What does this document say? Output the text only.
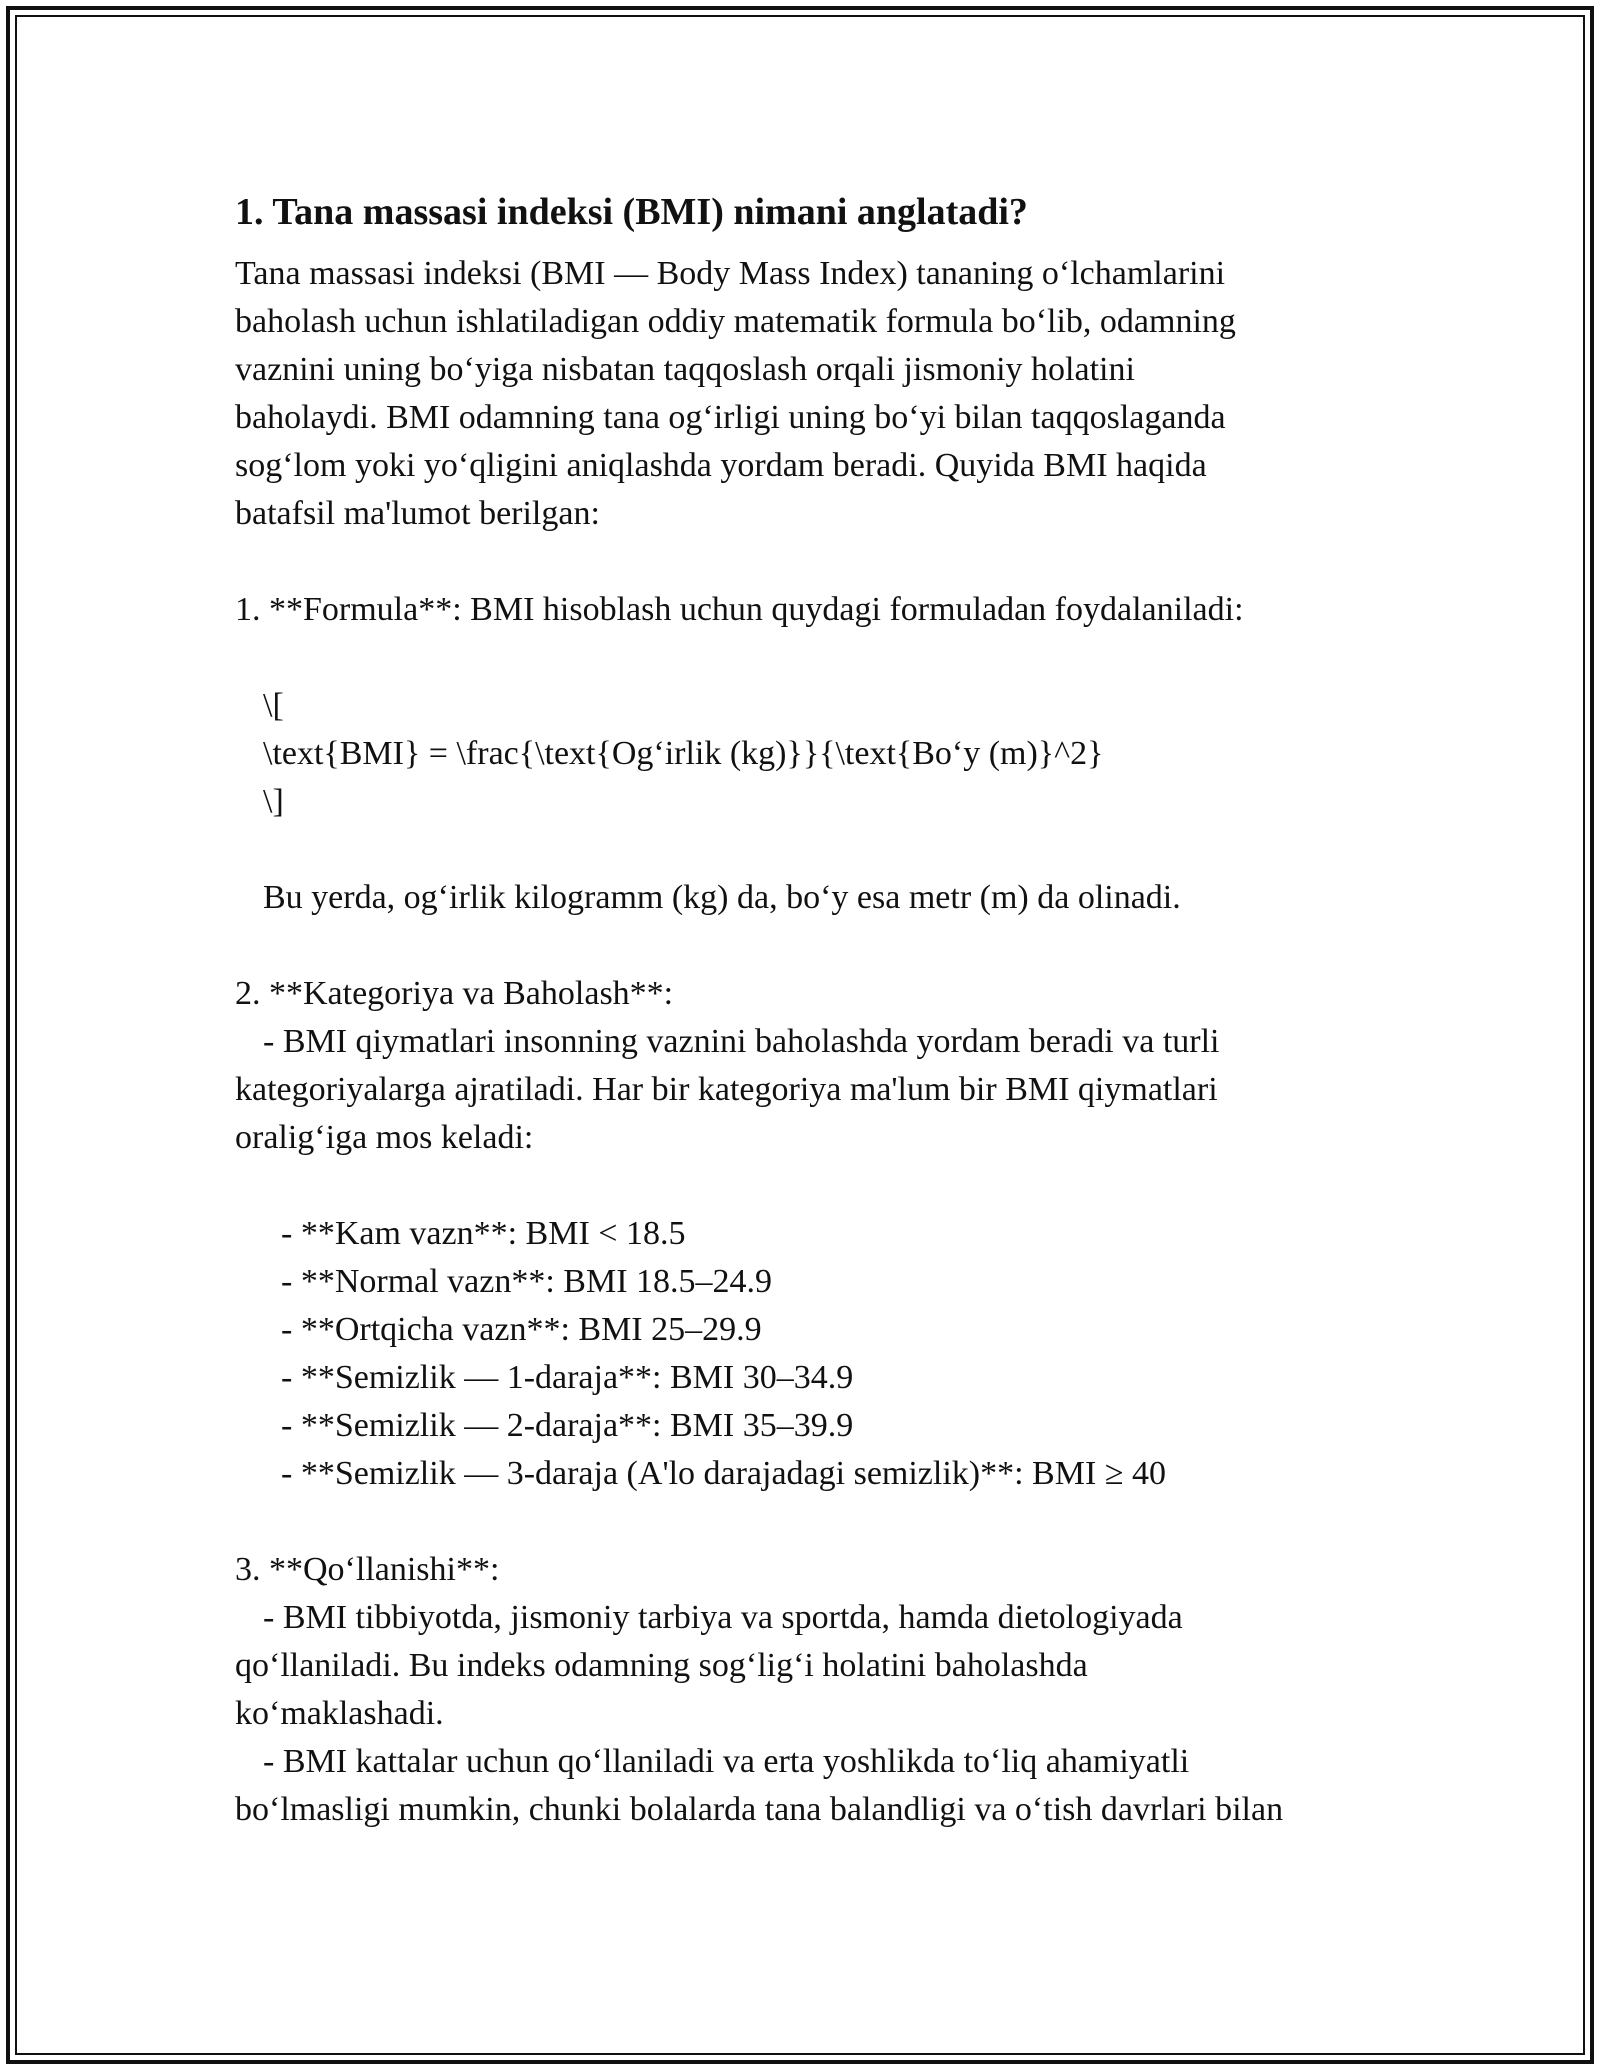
1. Tana massasi indeksi (BMI) nimani anglatadi?
Tana massasi indeksi (BMI — Body Mass Index) tananing o‘lchamlarini
baholash uchun ishlatiladigan oddiy matematik formula bo‘lib, odamning
vaznini uning bo‘yiga nisbatan taqqoslash orqali jismoniy holatini
baholaydi. BMI odamning tana og‘irligi uning bo‘yi bilan taqqoslaganda
sog‘lom yoki yo‘qligini aniqlashda yordam beradi. Quyida BMI haqida
batafsil ma'lumot berilgan:
1. **Formula**: BMI hisoblash uchun quydagi formuladan foydalaniladi:
\[
\text{BMI} = \frac{\text{Og‘irlik (kg)}}{\text{Bo‘y (m)}^2}
\]
Bu yerda, og‘irlik kilogramm (kg) da, bo‘y esa metr (m) da olinadi.
2. **Kategoriya va Baholash**:
- BMI qiymatlari insonning vaznini baholashda yordam beradi va turli
kategoriyalarga ajratiladi. Har bir kategoriya ma'lum bir BMI qiymatlari
oralig‘iga mos keladi:
- **Kam vazn**: BMI < 18.5
- **Normal vazn**: BMI 18.5–24.9
- **Ortqicha vazn**: BMI 25–29.9
- **Semizlik — 1-daraja**: BMI 30–34.9
- **Semizlik — 2-daraja**: BMI 35–39.9
- **Semizlik — 3-daraja (A'lo darajadagi semizlik)**: BMI ≥ 40
3. **Qo‘llanishi**:
- BMI tibbiyotda, jismoniy tarbiya va sportda, hamda dietologiyada
qo‘llaniladi. Bu indeks odamning sog‘lig‘i holatini baholashda
ko‘maklashadi.
- BMI kattalar uchun qo‘llaniladi va erta yoshlikda to‘liq ahamiyatli
bo‘lmasligi mumkin, chunki bolalarda tana balandligi va o‘tish davrlari bilan
